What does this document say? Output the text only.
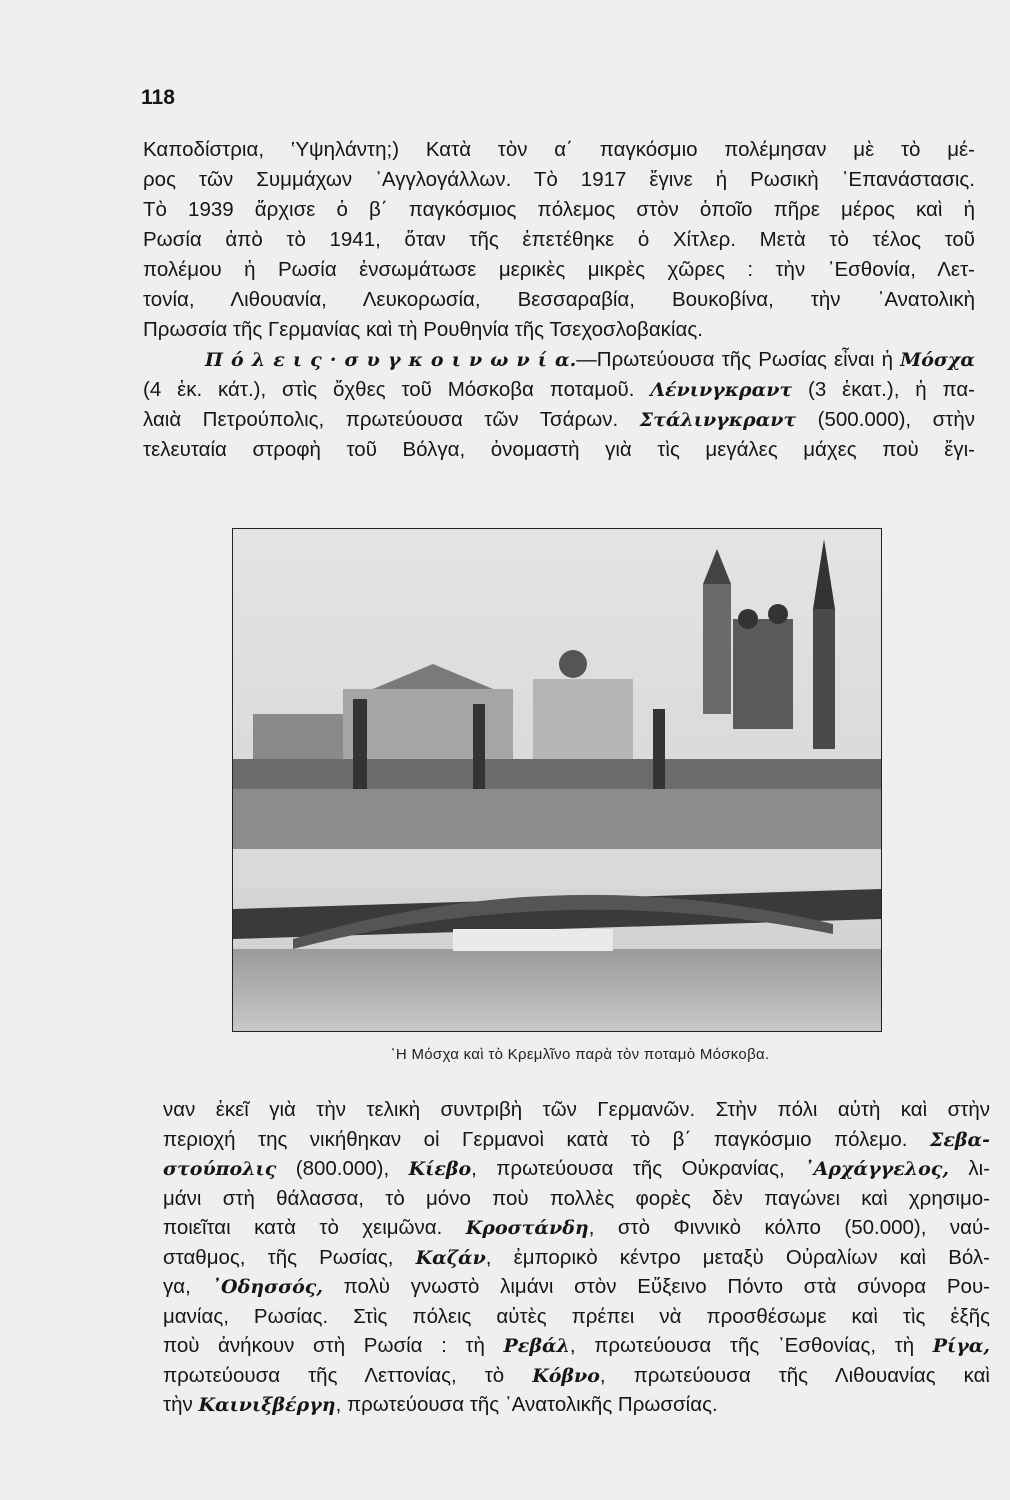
118
Καποδίστρια, ‛Υψηλάντη;) Κατὰ τὸν α΄ παγκόσμιο πολέμησαν μὲ τὸ μέ-
ρος τῶν Συμμάχων ᾽Αγγλογάλλων. Τὸ 1917 ἔγινε ἡ Ρωσικὴ ᾽Επανάστασις.
Τὸ 1939 ἄρχισε ὁ β΄ παγκόσμιος πόλεμος στὸν ὁποῖο πῆρε μέρος καὶ ἡ
Ρωσία ἀπὸ τὸ 1941, ὅταν τῆς ἐπετέθηκε ὁ Χίτλερ. Μετὰ τὸ τέλος τοῦ
πολέμου ἡ Ρωσία ἐνσωμάτωσε μερικὲς μικρὲς χῶρες : τὴν ᾽Εσθονία, Λετ-
τονία, Λιθουανία, Λευκορωσία, Βεσσαραβία, Βουκοβίνα, τὴν ᾽Ανατολικὴ
Πρωσσία τῆς Γερμανίας καὶ τὴ Ρουθηνία τῆς Τσεχοσλοβακίας.
Π ό λ ε ι ς · σ υ γ κ ο ι ν ω ν ί α.—Πρωτεύουσα τῆς Ρωσίας εἶναι ἡ Μόσχα
(4 ἑκ. κάτ.), στὶς ὄχθες τοῦ Μόσκοβα ποταμοῦ. Λένινγκραντ (3 ἑκατ.), ἡ πα-
λαιὰ Πετρούπολις, πρωτεύουσα τῶν Τσάρων. Στάλινγκραντ (500.000), στὴν
τελευταία στροφὴ τοῦ Βόλγα, ὀνομαστὴ γιὰ τὶς μεγάλες μάχες ποὺ ἔγι-
῾Η Μόσχα καὶ τὸ Κρεμλῖνο παρὰ τὸν ποταμὸ Μόσκοβα.
ναν ἐκεῖ γιὰ τὴν τελικὴ συντριβὴ τῶν Γερμανῶν. Στὴν πόλι αὐτὴ καὶ στὴν
περιοχή της νικήθηκαν οἱ Γερμανοὶ κατὰ τὸ β΄ παγκόσμιο πόλεμο. Σεβα-
στούπολις (800.000), Κίεβο, πρωτεύουσα τῆς Οὐκρανίας, ᾽Αρχάγγελος, λι-
μάνι στὴ θάλασσα, τὸ μόνο ποὺ πολλὲς φορὲς δὲν παγώνει καὶ χρησιμο-
ποιεῖται κατὰ τὸ χειμῶνα. Κροστάνδη, στὸ Φιννικὸ κόλπο (50.000), ναύ-
σταθμος, τῆς Ρωσίας, Καζάν, ἐμπορικὸ κέντρο μεταξὺ Οὐραλίων καὶ Βόλ-
γα, ᾽Οδησσός, πολὺ γνωστὸ λιμάνι στὸν Εὔξεινο Πόντο στὰ σύνορα Ρου-
μανίας, Ρωσίας. Στὶς πόλεις αὐτὲς πρέπει νὰ προσθέσωμε καὶ τὶς ἑξῆς
ποὺ ἀνήκουν στὴ Ρωσία : τὴ Ρεβάλ, πρωτεύουσα τῆς ᾽Εσθονίας, τὴ Ρίγα,
πρωτεύουσα τῆς Λεττονίας, τὸ Κόβνο, πρωτεύουσα τῆς Λιθουανίας καὶ
τὴν Καινιξβέργη, πρωτεύουσα τῆς ᾽Ανατολικῆς Πρωσσίας.
